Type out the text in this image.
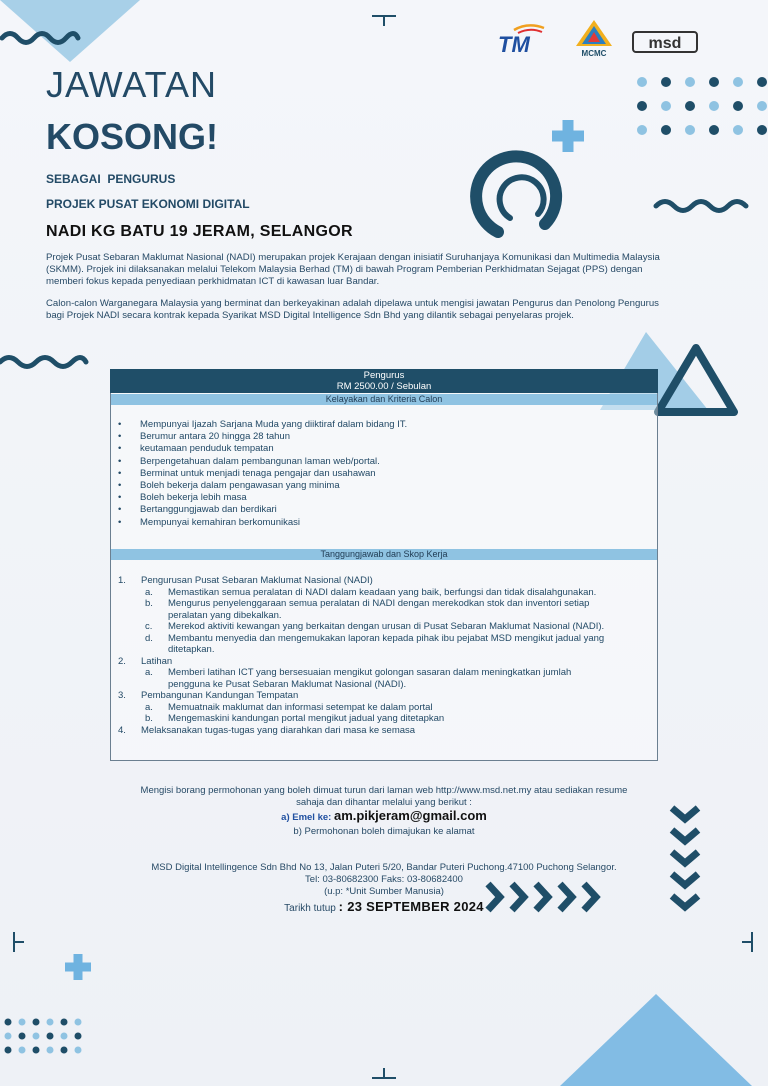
TM	MCMC
msd
JAWATAN
KOSONG!
SEBAGAI  PENGURUS
PROJEK PUSAT EKONOMI DIGITAL
NADI KG BATU 19 JERAM, SELANGOR

Projek Pusat Sebaran Maklumat Nasional (NADI) merupakan projek Kerajaan dengan inisiatif Suruhanjaya Komunikasi dan Multimedia Malaysia (SKMM). Projek ini dilaksanakan melalui Telekom Malaysia Berhad (TM) di bawah Program Pemberian Perkhidmatan Sejagat (PPS) dengan memberi fokus kepada penyediaan perkhidmatan ICT di kawasan luar Bandar.

Calon-calon Warganegara Malaysia yang berminat dan berkeyakinan adalah dipelawa untuk mengisi jawatan Pengurus dan Penolong Pengurus bagi Projek NADI secara kontrak kepada Syarikat MSD Digital Intelligence Sdn Bhd yang dilantik sebagai penyelaras projek.

Pengurus
RM 2500.00 / Sebulan
Kelayakan dan Kriteria Calon
• Mempunyai Ijazah Sarjana Muda yang diiktiraf dalam bidang IT.
• Berumur antara 20 hingga 28 tahun
• keutamaan penduduk tempatan
• Berpengetahuan dalam pembangunan laman web/portal.
• Berminat untuk menjadi tenaga pengajar dan usahawan
• Boleh bekerja dalam pengawasan yang minima
• Boleh bekerja lebih masa
• Bertanggungjawab dan berdikari
• Mempunyai kemahiran berkomunikasi
Tanggungjawab dan Skop Kerja
1. Pengurusan Pusat Sebaran Maklumat Nasional (NADI)
a. Memastikan semua peralatan di NADI dalam keadaan yang baik, berfungsi dan tidak disalahgunakan.
b. Mengurus penyelenggaraan semua peralatan di NADI dengan merekodkan stok dan inventori setiap
peralatan yang dibekalkan.
c. Merekod aktiviti kewangan yang berkaitan dengan urusan di Pusat Sebaran Maklumat Nasional (NADI).
d. Membantu menyedia dan mengemukakan laporan kepada pihak ibu pejabat MSD mengikut jadual yang
ditetapkan.
2. Latihan
a. Memberi latihan ICT yang bersesuaian mengikut golongan sasaran dalam meningkatkan jumlah
pengguna ke Pusat Sebaran Maklumat Nasional (NADI).
3. Pembangunan Kandungan Tempatan
a. Memuatnaik maklumat dan informasi setempat ke dalam portal
b. Mengemaskini kandungan portal mengikut jadual yang ditetapkan
4. Melaksanakan tugas-tugas yang diarahkan dari masa ke semasa
Mengisi borang permohonan yang boleh dimuat turun dari laman web http://www.msd.net.my atau sediakan resume
sahaja dan dihantar melalui yang berikut :
a) Emel ke: am.pikjeram@gmail.com
b) Permohonan boleh dimajukan ke alamat
MSD Digital Intellingence Sdn Bhd No 13, Jalan Puteri 5/20, Bandar Puteri Puchong.47100 Puchong Selangor.
Tel: 03-80682300 Faks: 03-80682400
(u.p: *Unit Sumber Manusia)
Tarikh tutup : 23 SEPTEMBER 2024
